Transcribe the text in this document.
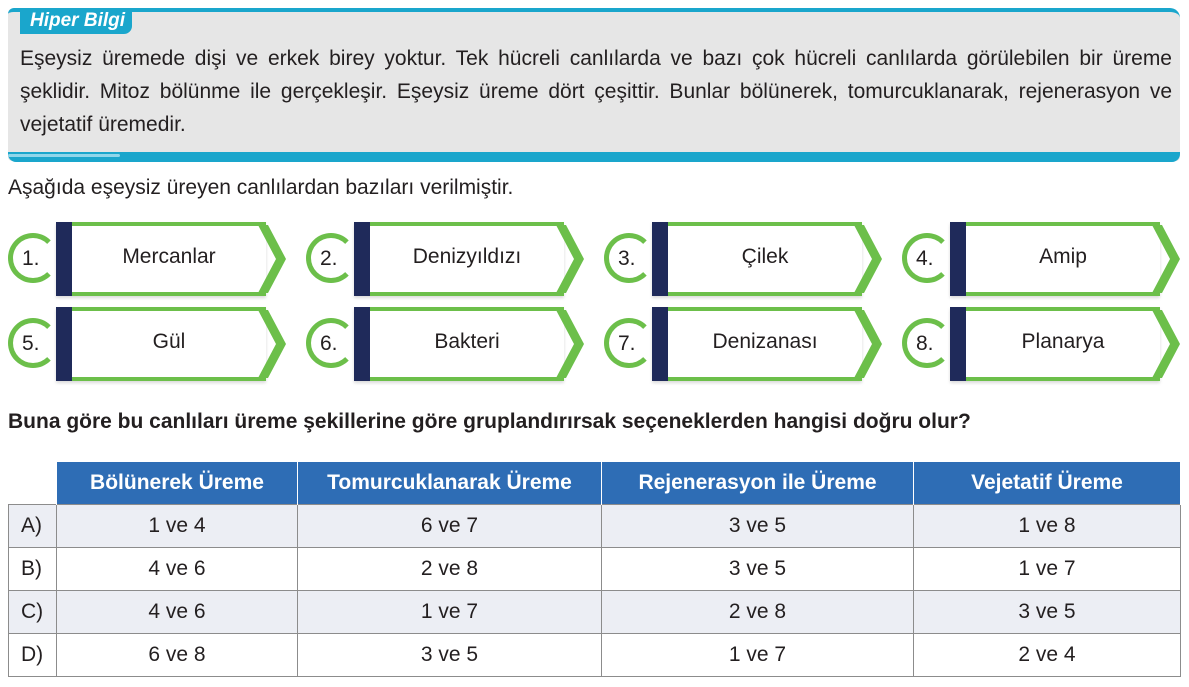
Hiper Bilgi

Eşeysiz üremede dişi ve erkek birey yoktur. Tek hücreli canlılarda ve bazı çok hücreli canlılarda görülebilen bir üreme şeklidir. Mitoz bölünme ile gerçekleşir. Eşeysiz üreme dört çeşittir. Bunlar bölünerek, tomurcuklanarak, rejenerasyon ve vejetatif üremedir.

Aşağıda eşeysiz üreyen canlılardan bazıları verilmiştir.

1.	Mercanlar	2.	Denizyıldızı	3.	Çilek	4.	Amip
5.	Gül	6.	Bakteri	7.	Denizanası	8.	Planarya

Buna göre bu canlıları üreme şekillerine göre gruplandırırsak seçeneklerden hangisi doğru olur?

	Bölünerek Üreme	Tomurcuklanarak Üreme	Rejenerasyon ile Üreme	Vejetatif Üreme
A)	1 ve 4	6 ve 7	3 ve 5	1 ve 8
B)	4 ve 6	2 ve 8	3 ve 5	1 ve 7
C)	4 ve 6	1 ve 7	2 ve 8	3 ve 5
D)	6 ve 8	3 ve 5	1 ve 7	2 ve 4
